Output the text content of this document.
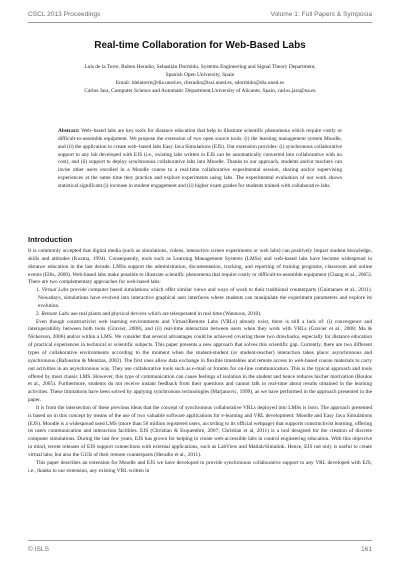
CSCL 2013 Proceedings	Volume 1: Full Papers & Symposia
Real-time Collaboration for Web-Based Labs
Luis de la Torre, Ruben Heradio, Sebastián Dormido, Systems Engineering and Signal Theory Department,
Spanish Open University, Spain
Email: ldelatorre@dia.uned.es, rheradio@issi.uned.es, sdormido@dia.uned.es
Carlos Jara, Computer Science and Automatic Department,University of Alicante, Spain, carlos.jara@ua.es
Abstract: Web–based labs are key tools for distance education that help to illustrate scientific phenomena which require costly or difficult-to-assemble equipment. We propose the extension of two open source tools: (i) the learning management system Moodle, and (ii) the application to create web–based labs Easy Java Simulations (EJS). Our extension provides: (i) synchronous collaborative support to any lab developed with EJS (i.e., existing labs written in EJS can be automatically converted into collaborative with no cost), and (ii) support to deploy synchronous collaborative labs into Moodle. Thanks to our approach, students and/or teachers can invite other users enrolled in a Moodle course to a real-time collaborative experimental session, sharing and/or supervising experiences at the same time they practice and explore experiments using labs. The experimental evaluation of our work shows statistical significant (i) increase in student engagement and (ii) higher exam grades for students trained with collaborative labs.
Introduction

It is commonly accepted that digital media (such as simulations, videos, interactive screen experiments or web labs) can positively impact student knowledge, skills and attitudes (Kozma, 1994). Consequently, tools such as Learning Management Systems (LMSs) and web-based labs have become widespread in distance education in the last decade. LMSs support the administration, documentation, tracking, and reporting of training programs, classroom and online events (Ellis, 2009). Web-based labs make possible to illustrate scientific phenomena that require costly or difficult-to-assemble equipment (Chang et al., 2005). There are two complementary approaches for web-based labs:

1. Virtual Labs provide computer based simulations which offer similar views and ways of work to their traditional counterparts (Guimaraes et al., 2011). Nowadays, simulations have evolved into interactive graphical user interfaces where students can manipulate the experiment parameters and explore its evolution.

2. Remote Labs use real plants and physical devices which are teleoperated in real time (Wannous, 2010).

Even though constructivist web learning environments and Virtual/Remote Labs (VRLs) already exist, there is still a lack of: (i) convergence and interoperability between both tools (Gravier, 2008), and (ii) real-time interaction between users when they work with VRLs (Gravier et al., 2008; Ma & Nickerson, 2006) and/or within a LMS. We consider that several advantages could be achieved covering these two drawbacks, especially for distance education of practical experiences in technical or scientific subjects. This paper presents a new approach that solves this scientific gap. Currently, there are two different types of collaborative environments according to the moment when the student-student (or student-teacher) interaction takes place: asynchronous and synchronous (Bafoustou & Mentzas, 2002). The first ones allow data exchange in flexible timetables and remote access to web-based course materials to carry out activities in an asynchronous way. They use collaborative tools such as e-mail or forums for on-line communication. This is the typical approach and tools offered by most classic LMS. However, this type of communication can cause feelings of isolation in the student and hence reduces his/her motivation (Boulos et al., 2005). Furthermore, students do not receive instant feedback from their questions and cannot talk in real-time about results obtained in the learning activities. These limitations have been solved by applying synchronous technologies (Marjanovic, 1999), as we have performed in the approach presented in the paper.

It is from the intersection of these previous ideas that the concept of synchronous collaborative VRLs deployed into LMSs is born. The approach presented is based on in this concept by means of the use of two valuable software applications for e-learning and VRL development: Moodle and Easy Java Simulations (EJS). Moodle is a widespread used LMS (more than 50 million registered users, according to its official webpage) that supports constructivist learning, offering its users communication and interaction facilities. EJS (Christian & Esquembre, 2007; Christian et al, 2011) is a tool designed for the creation of discrete computer simulations. During the last few years, EJS has grown for helping to create web-accessible labs in control engineering education. With this objective in mind, recent releases of EJS support connections with external applications, such as LabView and Matlab/Simulink. Hence, EJS not only is useful to create virtual labs, but also the GUIs of their remote counterparts (Heradio et al., 2011).

This paper describes an extension for Moodle and EJS we have developed to provide synchronous collaborative support to any VRL developed with EJS, i.e., thanks to our extension, any existing VRL written in

© ISLS	161
